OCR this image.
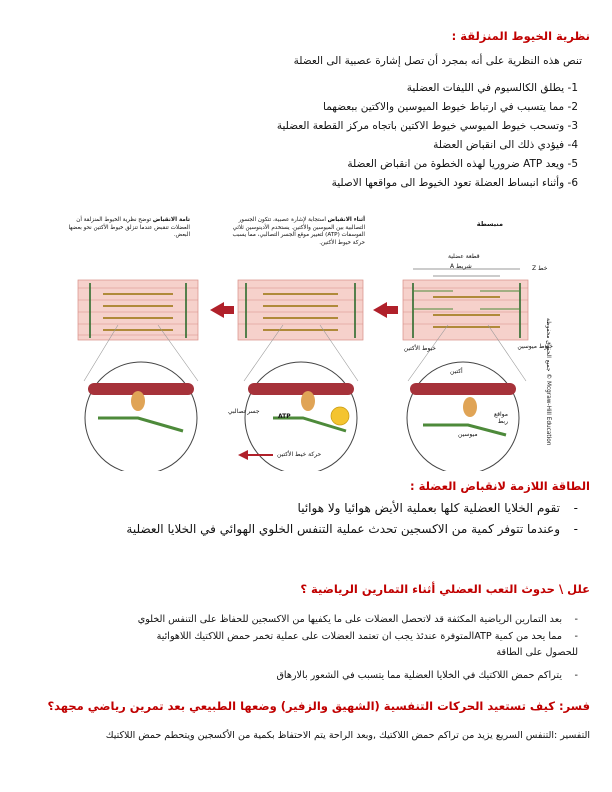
نظرية الخيوط المنزلقة :
تنص هذه النظرية على أنه بمجرد أن تصل إشارة عصبية الى العضلة
1- يطلق الكالسيوم في الليفات العضلية
2- مما يتسبب في ارتباط خيوط الميوسين والاكتين ببعضهما
3- وتسحب خيوط الميوسي خيوط الاكتين باتجاه مركز القطعة العضلية
4- فيؤدي ذلك الى انقباض العضلة
5- ويعد ATP ضروريا لهذه الخطوة من انقباض العضلة
6- وأثناء انبساط العضلة تعود الخيوط الى مواقعها الاصلية
تامة الانقباض توضح نظرية الخيوط المنزلقة أن العضلات تنقبض عندما تنزلق خيوط الأكتين نحو بعضها البعض.
أثناء الانقباض استجابة لإشارة عصبية، تتكون الجسور التصالبية بين الميوسين والأكتين. يستخدم الأدينوسين ثلاثي الفوسفات (ATP) لتغيير موقع الجسر التصالبي، مما يسبب حركة خيوط الأكتين.
منبسطة
قطعة عضلية
شريط A	خط Z
خيوط الأكتين	خيوط ميوسين
أكتين
مواقع ربط
ميوسين
جسر تصالبي
ATP
حركة خيط الأكتين
جميع الحقوق محفوظة © Mcgraw-Hill Education
الطاقة اللازمة لانقباض العضلة :
-تقوم الخلايا العضلية كلها بعملية الأيض هوائيا ولا هوائيا
-وعندما تتوفر كمية من الاكسجين تحدث عملية التنفس الخلوي الهوائي في الخلايا العضلية
علل \ حدوث التعب العضلي أثناء التمارين الرياضية ؟
-بعد التمارين الرياضية المكثفة قد لاتحصل العضلات على ما يكفيها من الاكسجين للحفاظ على التنفس الخلوي
-مما يحد من كمية ATPالمتوفرة عندئذ يجب ان تعتمد العضلات على عملية تخمر حمض اللاكتيك اللاهوائية
للحصول على الطاقة
-يتراكم حمض اللاكتيك في الخلايا العضلية مما يتسبب في الشعور بالارهاق
فسر: كيف تستعيد الحركات التنفسية (الشهيق والزفير) وضعها الطبيعي بعد تمرين رياضي مجهد؟
التفسير :التنفس السريع يزيد من تراكم حمض اللاكتيك ,وبعد الراحة يتم الاحتفاظ بكمية من الأكسجين ويتحطم حمض اللاكتيك
